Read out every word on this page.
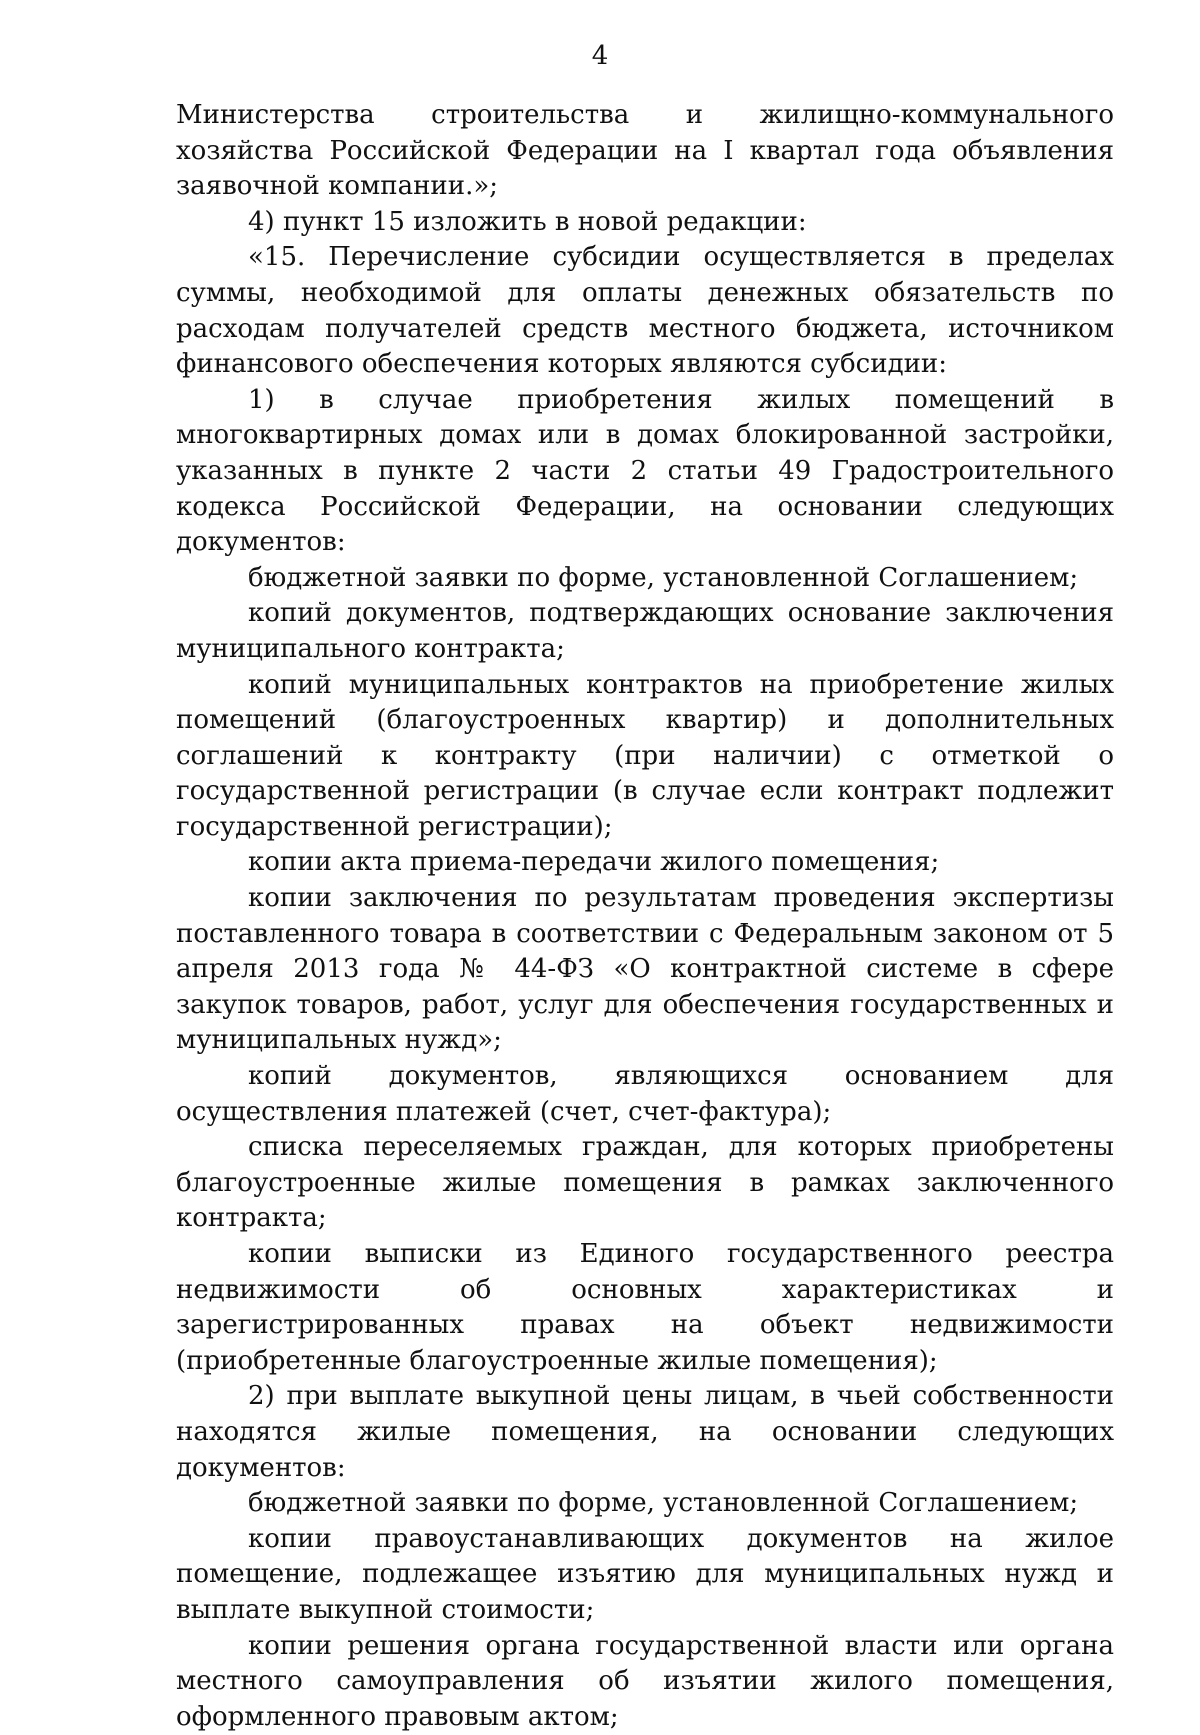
4

Министерства строительства и жилищно-коммунального хозяйства Российской Федерации на I квартал года объявления заявочной компании.»;

4) пункт 15 изложить в новой редакции:

«15. Перечисление субсидии осуществляется в пределах суммы, необходимой для оплаты денежных обязательств по расходам получателей средств местного бюджета, источником финансового обеспечения которых являются субсидии:

1) в случае приобретения жилых помещений в многоквартирных домах или в домах блокированной застройки, указанных в пункте 2 части 2 статьи 49 Градостроительного кодекса Российской Федерации, на основании следующих документов:

бюджетной заявки по форме, установленной Соглашением;

копий документов, подтверждающих основание заключения муниципального контракта;

копий муниципальных контрактов на приобретение жилых помещений (благоустроенных квартир) и дополнительных соглашений к контракту (при наличии) с отметкой о государственной регистрации (в случае если контракт подлежит государственной регистрации);

копии акта приема-передачи жилого помещения;

копии заключения по результатам проведения экспертизы поставленного товара в соответствии с Федеральным законом от 5 апреля 2013 года № 44-ФЗ «О контрактной системе в сфере закупок товаров, работ, услуг для обеспечения государственных и муниципальных нужд»;

копий документов, являющихся основанием для осуществления платежей (счет, счет-фактура);

списка переселяемых граждан, для которых приобретены благоустроенные жилые помещения в рамках заключенного контракта;

копии выписки из Единого государственного реестра недвижимости об основных характеристиках и зарегистрированных правах на объект недвижимости (приобретенные благоустроенные жилые помещения);

2) при выплате выкупной цены лицам, в чьей собственности находятся жилые помещения, на основании следующих документов:

бюджетной заявки по форме, установленной Соглашением;

копии правоустанавливающих документов на жилое помещение, подлежащее изъятию для муниципальных нужд и выплате выкупной стоимости;

копии решения органа государственной власти или органа местного самоуправления об изъятии жилого помещения, оформленного правовым актом;
